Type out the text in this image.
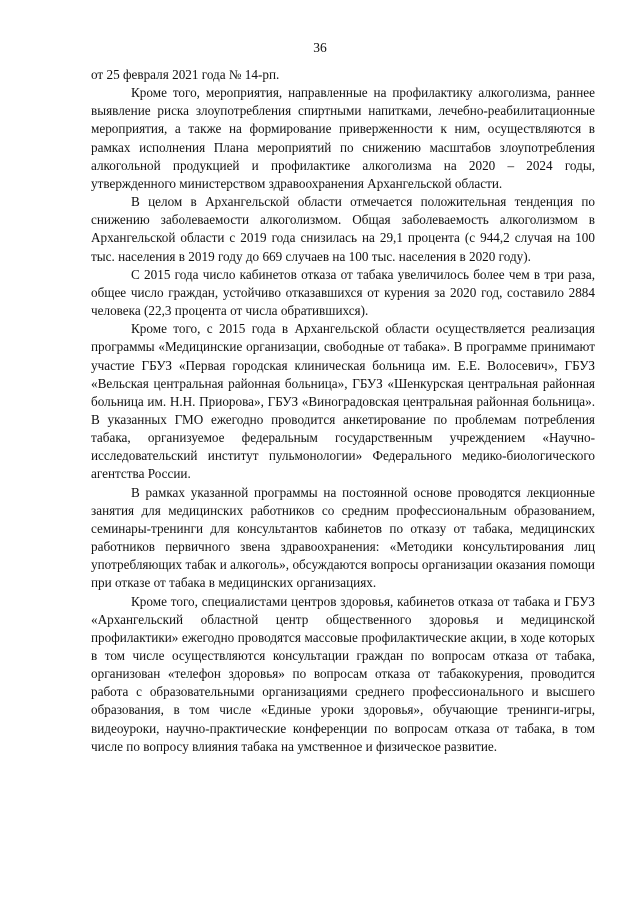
36

от 25 февраля 2021 года № 14-рп.

Кроме того, мероприятия, направленные на профилактику алкоголизма, раннее выявление риска злоупотребления спиртными напитками, лечебно-реабилитационные мероприятия, а также на формирование приверженности к ним, осуществляются в рамках исполнения Плана мероприятий по снижению масштабов злоупотребления алкогольной продукцией и профилактике алкоголизма на 2020 – 2024 годы, утвержденного министерством здравоохранения Архангельской области.

В целом в Архангельской области отмечается положительная тенденция по снижению заболеваемости алкоголизмом. Общая заболеваемость алкоголизмом в Архангельской области с 2019 года снизилась на 29,1 процента (с 944,2 случая на 100 тыс. населения в 2019 году до 669 случаев на 100 тыс. населения в 2020 году).

С 2015 года число кабинетов отказа от табака увеличилось более чем в три раза, общее число граждан, устойчиво отказавшихся от курения за 2020 год, составило 2884 человека (22,3 процента от числа обратившихся).

Кроме того, с 2015 года в Архангельской области осуществляется реализация программы «Медицинские организации, свободные от табака». В программе принимают участие ГБУЗ «Первая городская клиническая больница им. Е.Е. Волосевич», ГБУЗ «Вельская центральная районная больница», ГБУЗ «Шенкурская центральная районная больница им. Н.Н. Приорова», ГБУЗ «Виноградовская центральная районная больница». В указанных ГМО ежегодно проводится анкетирование по проблемам потребления табака, организуемое федеральным государственным учреждением «Научно-исследовательский институт пульмонологии» Федерального медико-биологического агентства России.

В рамках указанной программы на постоянной основе проводятся лекционные занятия для медицинских работников со средним профессиональным образованием, семинары-тренинги для консультантов кабинетов по отказу от табака, медицинских работников первичного звена здравоохранения: «Методики консультирования лиц употребляющих табак и алкоголь», обсуждаются вопросы организации оказания помощи при отказе от табака в медицинских организациях.

Кроме того, специалистами центров здоровья, кабинетов отказа от табака и ГБУЗ «Архангельский областной центр общественного здоровья и медицинской профилактики» ежегодно проводятся массовые профилактические акции, в ходе которых в том числе осуществляются консультации граждан по вопросам отказа от табака, организован «телефон здоровья» по вопросам отказа от табакокурения, проводится работа с образовательными организациями среднего профессионального и высшего образования, в том числе «Единые уроки здоровья», обучающие тренинги-игры, видеоуроки, научно-практические конференции по вопросам отказа от табака, в том числе по вопросу влияния табака на умственное и физическое развитие.
